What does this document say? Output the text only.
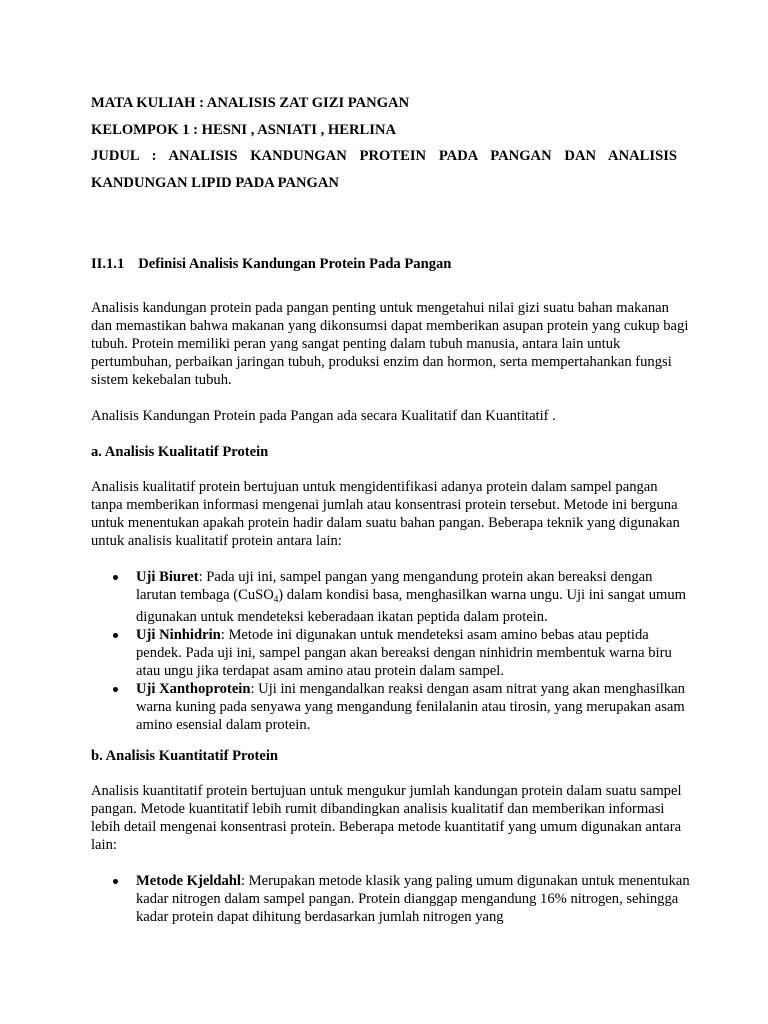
MATA KULIAH : ANALISIS ZAT GIZI PANGAN
KELOMPOK 1 : HESNI , ASNIATI , HERLINA
JUDUL : ANALISIS KANDUNGAN PROTEIN PADA PANGAN DAN ANALISIS
KANDUNGAN LIPID PADA PANGAN
II.1.1 Definisi Analisis Kandungan Protein Pada Pangan

Analisis kandungan protein pada pangan penting untuk mengetahui nilai gizi suatu bahan makanan dan memastikan bahwa makanan yang dikonsumsi dapat memberikan asupan protein yang cukup bagi tubuh. Protein memiliki peran yang sangat penting dalam tubuh manusia, antara lain untuk pertumbuhan, perbaikan jaringan tubuh, produksi enzim dan hormon, serta mempertahankan fungsi sistem kekebalan tubuh.

Analisis Kandungan Protein pada Pangan ada secara Kualitatif dan Kuantitatif .

a. Analisis Kualitatif Protein

Analisis kualitatif protein bertujuan untuk mengidentifikasi adanya protein dalam sampel pangan tanpa memberikan informasi mengenai jumlah atau konsentrasi protein tersebut. Metode ini berguna untuk menentukan apakah protein hadir dalam suatu bahan pangan. Beberapa teknik yang digunakan untuk analisis kualitatif protein antara lain:

Uji Biuret: Pada uji ini, sampel pangan yang mengandung protein akan bereaksi dengan larutan tembaga (CuSO$_4$) dalam kondisi basa, menghasilkan warna ungu. Uji ini sangat umum digunakan untuk mendeteksi keberadaan ikatan peptida dalam protein.
Uji Ninhidrin: Metode ini digunakan untuk mendeteksi asam amino bebas atau peptida pendek. Pada uji ini, sampel pangan akan bereaksi dengan ninhidrin membentuk warna biru atau ungu jika terdapat asam amino atau protein dalam sampel.
Uji Xanthoprotein: Uji ini mengandalkan reaksi dengan asam nitrat yang akan menghasilkan warna kuning pada senyawa yang mengandung fenilalanin atau tirosin, yang merupakan asam amino esensial dalam protein.
b. Analisis Kuantitatif Protein

Analisis kuantitatif protein bertujuan untuk mengukur jumlah kandungan protein dalam suatu sampel pangan. Metode kuantitatif lebih rumit dibandingkan analisis kualitatif dan memberikan informasi lebih detail mengenai konsentrasi protein. Beberapa metode kuantitatif yang umum digunakan antara lain:

Metode Kjeldahl: Merupakan metode klasik yang paling umum digunakan untuk menentukan kadar nitrogen dalam sampel pangan. Protein dianggap mengandung 16% nitrogen, sehingga kadar protein dapat dihitung berdasarkan jumlah nitrogen yang
